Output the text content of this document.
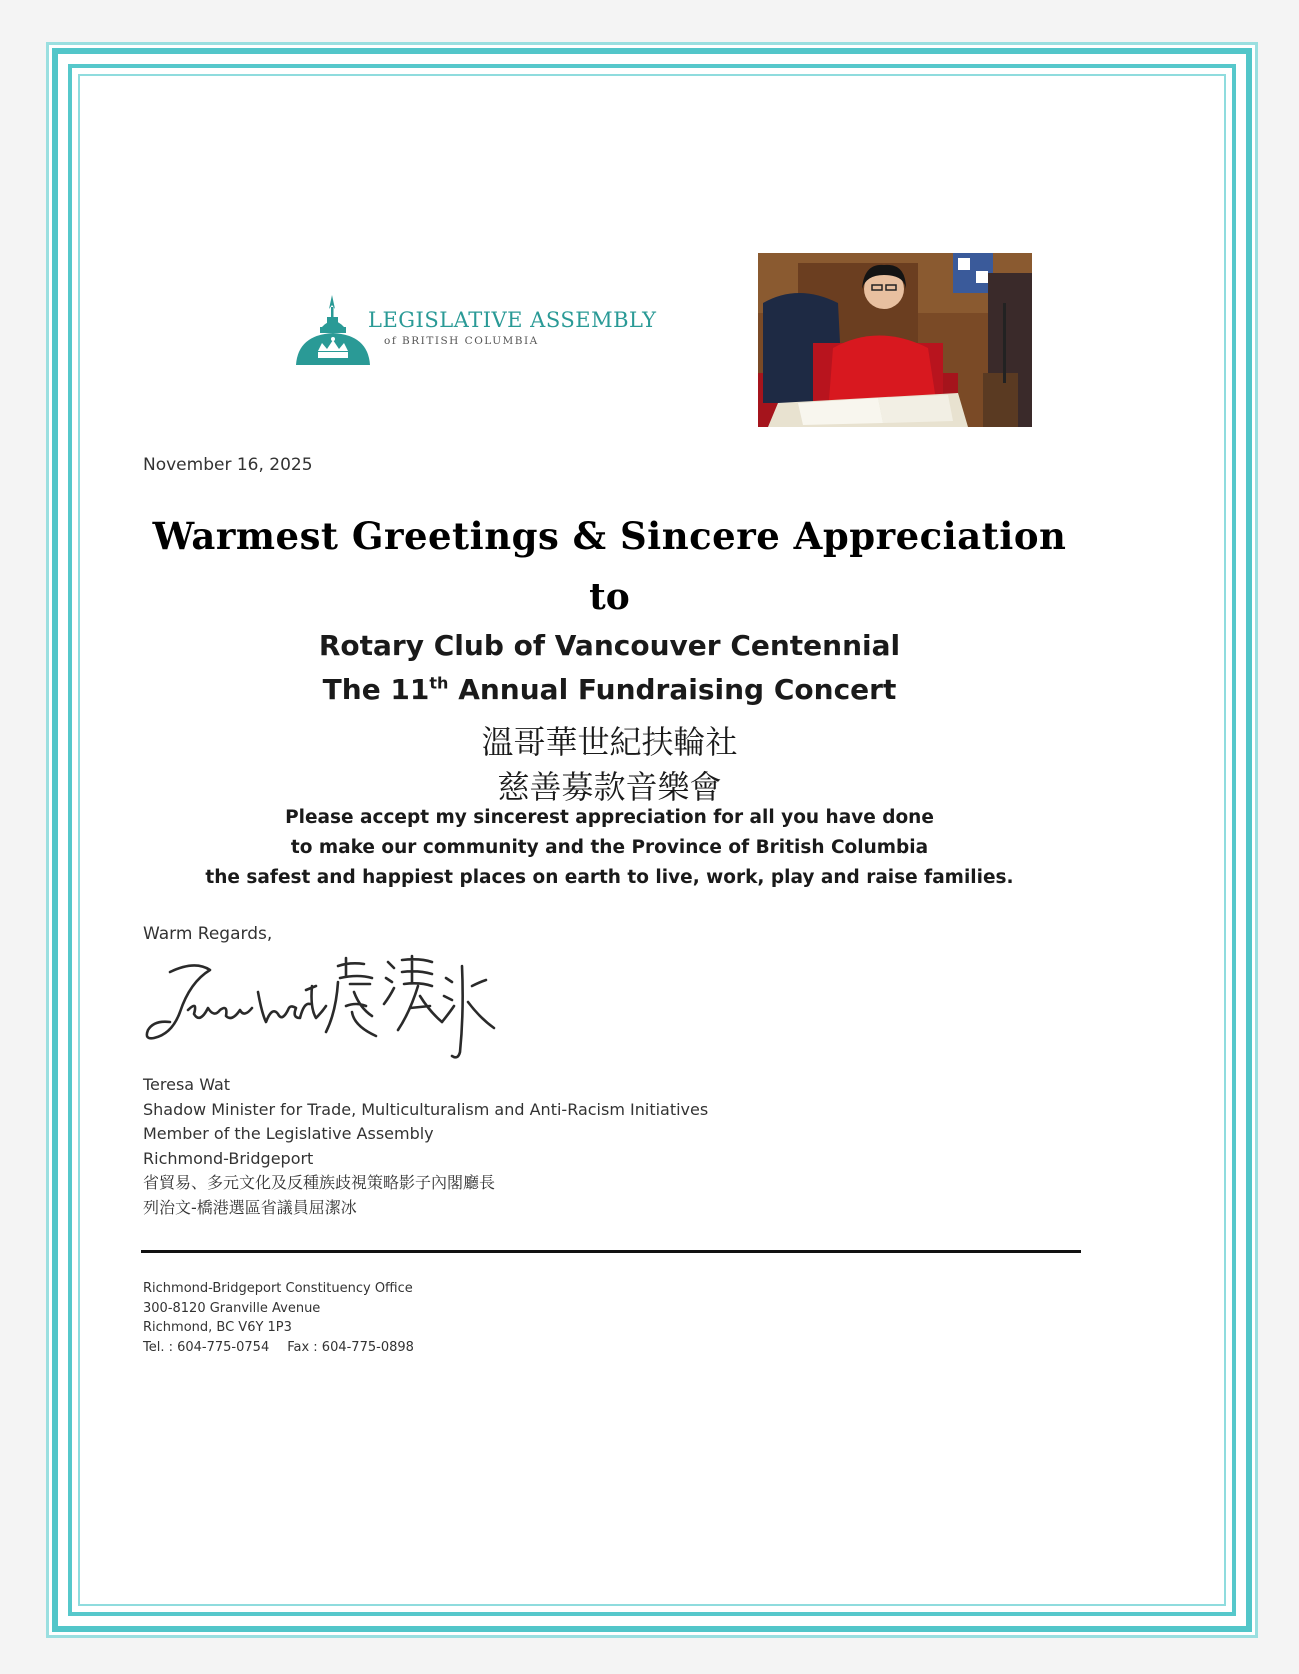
LEGISLATIVE ASSEMBLY
of BRITISH COLUMBIA
November 16, 2025
Warmest Greetings & Sincere Appreciation
to
Rotary Club of Vancouver Centennial
The 11th Annual Fundraising Concert
溫哥華世紀扶輪社
慈善募款音樂會
Please accept my sincerest appreciation for all you have done
to make our community and the Province of British Columbia
the safest and happiest places on earth to live, work, play and raise families.
Warm Regards,
Teresa Wat
Shadow Minister for Trade, Multiculturalism and Anti-Racism Initiatives
Member of the Legislative Assembly
Richmond-Bridgeport
省貿易、多元文化及反種族歧視策略影子內閣廳長
列治文-橋港選區省議員屈潔冰
Richmond-Bridgeport Constituency Office
300-8120 Granville Avenue
Richmond, BC V6Y 1P3
Tel. : 604-775-0754 Fax : 604-775-0898
